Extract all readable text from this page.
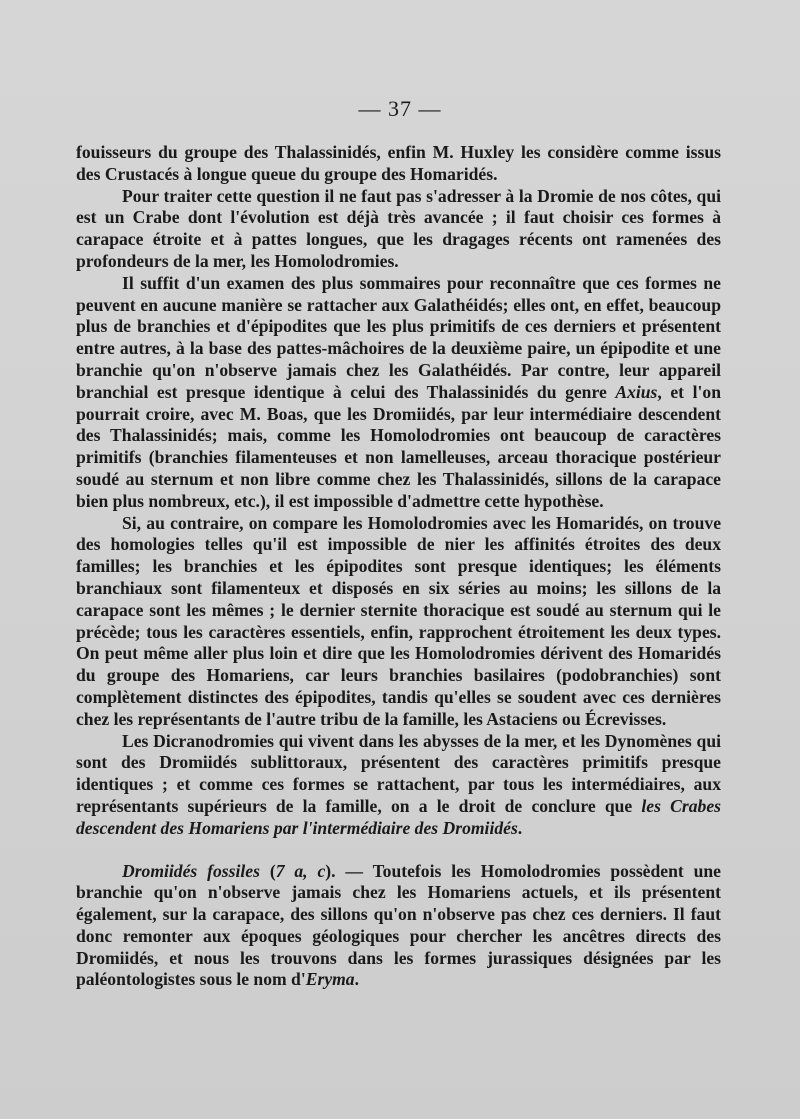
— 37 —

fouisseurs du groupe des Thalassinidés, enfin M. Huxley les considère comme issus des Crustacés à longue queue du groupe des Homaridés.

Pour traiter cette question il ne faut pas s'adresser à la Dromie de nos côtes, qui est un Crabe dont l'évolution est déjà très avancée ; il faut choisir ces formes à carapace étroite et à pattes longues, que les dragages récents ont ramenées des profondeurs de la mer, les Homolodromies.

Il suffit d'un examen des plus sommaires pour reconnaître que ces formes ne peuvent en aucune manière se rattacher aux Galathéidés; elles ont, en effet, beaucoup plus de branchies et d'épipodites que les plus primitifs de ces derniers et présentent entre autres, à la base des pattes-mâchoires de la deuxième paire, un épipodite et une branchie qu'on n'observe jamais chez les Galathéidés. Par contre, leur appareil branchial est presque identique à celui des Thalassinidés du genre Axius, et l'on pourrait croire, avec M. Boas, que les Dromiidés, par leur intermédiaire descendent des Thalassinidés; mais, comme les Homolodromies ont beaucoup de caractères primitifs (branchies filamenteuses et non lamelleuses, arceau thoracique postérieur soudé au sternum et non libre comme chez les Thalassinidés, sillons de la carapace bien plus nombreux, etc.), il est impossible d'admettre cette hypothèse.

Si, au contraire, on compare les Homolodromies avec les Homaridés, on trouve des homologies telles qu'il est impossible de nier les affinités étroites des deux familles; les branchies et les épipodites sont presque identiques; les éléments branchiaux sont filamenteux et disposés en six séries au moins; les sillons de la carapace sont les mêmes ; le dernier sternite thoracique est soudé au sternum qui le précède; tous les caractères essentiels, enfin, rapprochent étroitement les deux types. On peut même aller plus loin et dire que les Homolodromies dérivent des Homaridés du groupe des Homariens, car leurs branchies basilaires (podobranchies) sont complètement distinctes des épipodites, tandis qu'elles se soudent avec ces dernières chez les représentants de l'autre tribu de la famille, les Astaciens ou Écrevisses.

Les Dicranodromies qui vivent dans les abysses de la mer, et les Dynomènes qui sont des Dromiidés sublittoraux, présentent des caractères primitifs presque identiques ; et comme ces formes se rattachent, par tous les intermédiaires, aux représentants supérieurs de la famille, on a le droit de conclure que les Crabes descendent des Homariens par l'intermédiaire des Dromiidés.

Dromiidés fossiles (7 a, c). — Toutefois les Homolodromies possèdent une branchie qu'on n'observe jamais chez les Homariens actuels, et ils présentent également, sur la carapace, des sillons qu'on n'observe pas chez ces derniers. Il faut donc remonter aux époques géologiques pour chercher les ancêtres directs des Dromiidés, et nous les trouvons dans les formes jurassiques désignées par les paléontologistes sous le nom d'Eryma.
